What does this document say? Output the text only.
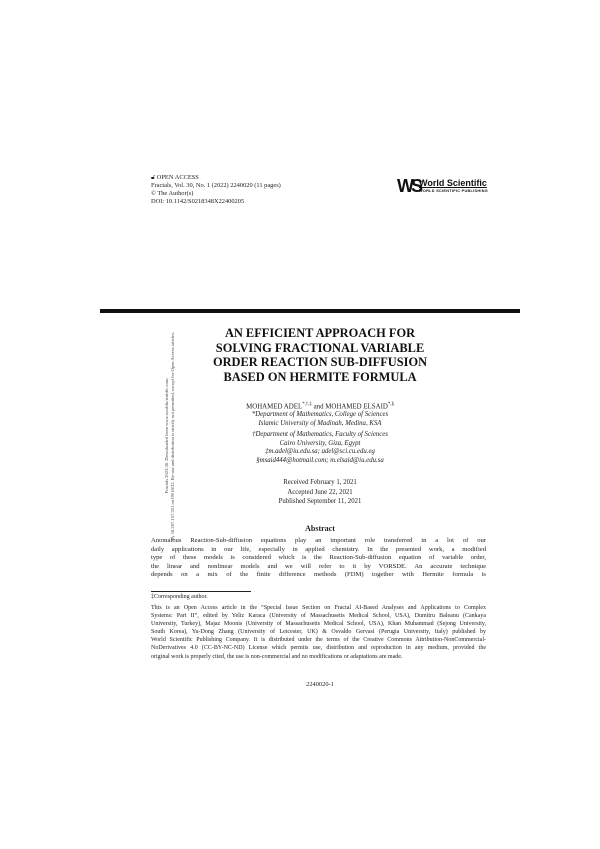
🔓︎ OPEN ACCESS
Fractals, Vol. 30, No. 1 (2022) 2240020 (11 pages)
© The Author(s)
DOI: 10.1142/S0218348X22400205
WS World Scientific
WORLD SCIENTIFIC PUBLISHING
Fractals 2022.30. Downloaded from www.worldscientific.com by 18.207.157.251 on 09/18/22. Re-use and distribution is strictly not permitted, except for Open Access articles.	AN EFFICIENT APPROACH FOR
SOLVING FRACTIONAL VARIABLE
ORDER REACTION SUB-DIFFUSION
BASED ON HERMITE FORMULA
MOHAMED ADEL*,†,‡ and MOHAMED ELSAID*,§
*Department of Mathematics, College of Sciences
Islamic University of Madinah, Medina, KSA
†Department of Mathematics, Faculty of Sciences
Cairo University, Giza, Egypt
‡m.adel@iu.edu.sa; adel@sci.cu.edu.eg
§msaid444@hotmail.com; m.elsaid@iu.edu.sa
Received February 1, 2021
Accepted June 22, 2021
Published September 11, 2021
Abstract
Anomalous Reaction-Sub-diffusion equations play an important role transferred in a lot of our
daily applications in our life, especially in applied chemistry. In the presented work, a modified
type of these models is considered which is the Reaction-Sub-diffusion equation of variable order,
the linear and nonlinear models and we will refer to it by VORSDE. An accurate technique
depends on a mix of the finite difference methods (FDM) together with Hermite formula is
‡Corresponding author.
This is an Open Access article in the “Special Issue Section on Fractal AI-Based Analyses and Applications to Complex
Systems: Part II”, edited by Yeliz Karaca (University of Massachusetts Medical School, USA), Dumitru Baleanu (Cankaya
University, Turkey), Majaz Moonis (University of Massachusetts Medical School, USA), Khan Muhammad (Sejong University,
South Korea), Yu-Dong Zhang (University of Leicester, UK) & Osvaldo Gervasi (Perugia University, Italy) published by
World Scientific Publishing Company. It is distributed under the terms of the Creative Commons Attribution-NonCommercial-
NoDerivatives 4.0 (CC-BY-NC-ND) License which permits use, distribution and reproduction in any medium, provided the
original work is properly cited, the use is non-commercial and no modifications or adaptations are made.
2240020-1
